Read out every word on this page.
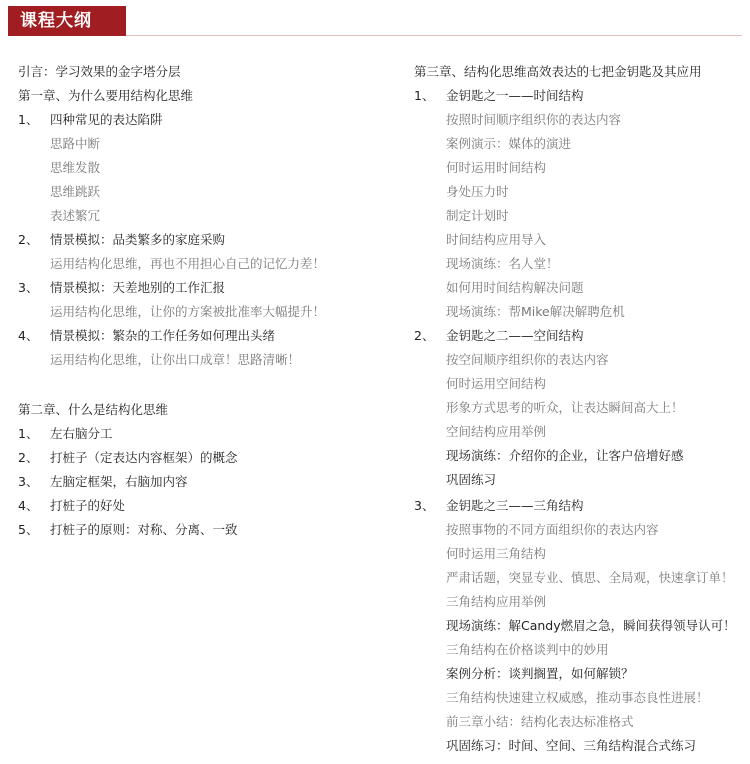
课程大纲
引言：学习效果的金字塔分层
第一章、为什么要用结构化思维
1、 四种常见的表达陷阱
思路中断
思维发散
思维跳跃
表述繁冗
2、 情景模拟：品类繁多的家庭采购
运用结构化思维，再也不用担心自己的记忆力差！
3、 情景模拟：天差地别的工作汇报
运用结构化思维，让你的方案被批准率大幅提升！
4、 情景模拟：繁杂的工作任务如何理出头绪
运用结构化思维，让你出口成章！思路清晰！
第二章、什么是结构化思维
1、 左右脑分工
2、 打桩子（定表达内容框架）的概念
3、 左脑定框架，右脑加内容
4、 打桩子的好处
5、 打桩子的原则：对称、分离、一致
第三章、结构化思维高效表达的七把金钥匙及其应用
1、 金钥匙之一——时间结构
按照时间顺序组织你的表达内容
案例演示：媒体的演进
何时运用时间结构
身处压力时
制定计划时
时间结构应用导入
现场演练：名人堂！
如何用时间结构解决问题
现场演练：帮Mike解决解聘危机
2、 金钥匙之二——空间结构
按空间顺序组织你的表达内容
何时运用空间结构
形象方式思考的听众，让表达瞬间高大上！
空间结构应用举例
现场演练：介绍你的企业，让客户倍增好感
巩固练习
3、 金钥匙之三——三角结构
按照事物的不同方面组织你的表达内容
何时运用三角结构
严肃话题，突显专业、慎思、全局观，快速拿订单！
三角结构应用举例
现场演练：解Candy燃眉之急，瞬间获得领导认可！
三角结构在价格谈判中的妙用
案例分析：谈判搁置，如何解锁？
三角结构快速建立权威感，推动事态良性进展！
前三章小结：结构化表达标准格式
巩固练习：时间、空间、三角结构混合式练习
